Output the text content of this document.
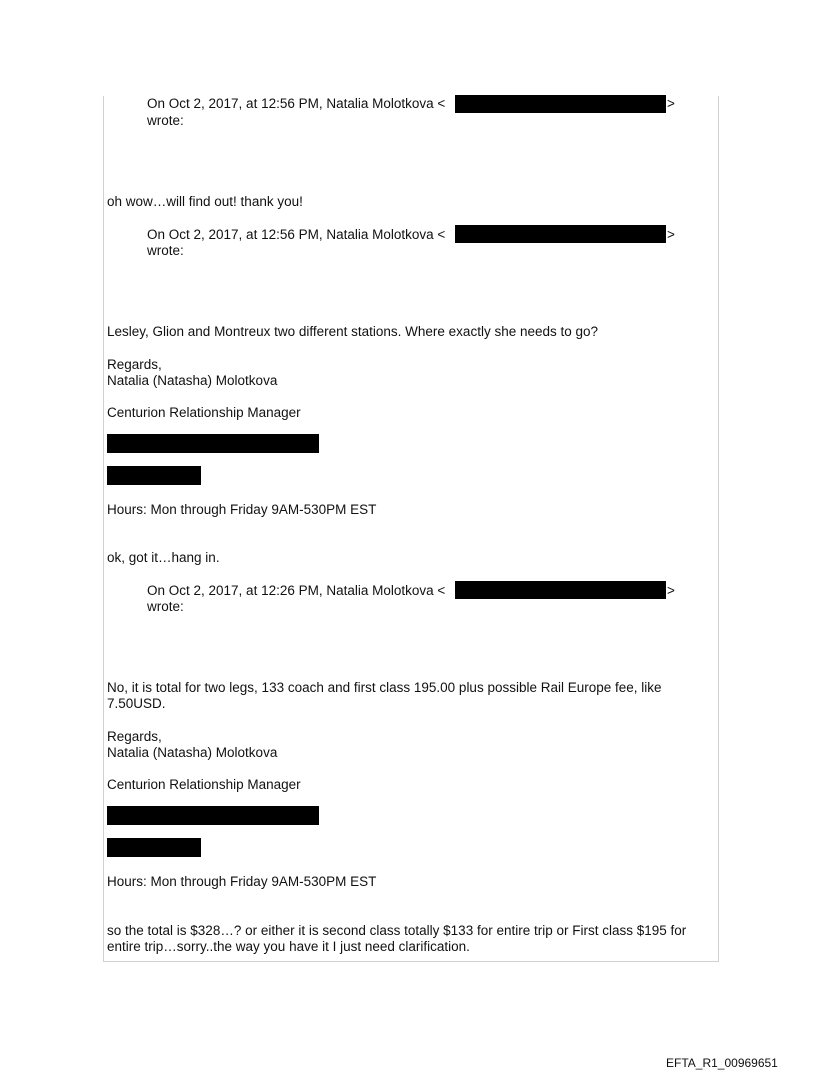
On Oct 2, 2017, at 12:56 PM, Natalia Molotkova <	>
wrote:
oh wow…will find out! thank you!
On Oct 2, 2017, at 12:56 PM, Natalia Molotkova <	>
wrote:
Lesley, Glion and Montreux two different stations. Where exactly she needs to go?
Regards,
Natalia (Natasha) Molotkova
Centurion Relationship Manager
Hours: Mon through Friday 9AM-530PM EST
ok, got it…hang in.
On Oct 2, 2017, at 12:26 PM, Natalia Molotkova <	>
wrote:
No, it is total for two legs, 133 coach and first class 195.00 plus possible Rail Europe fee, like 7.50USD.
Regards,
Natalia (Natasha) Molotkova
Centurion Relationship Manager
Hours: Mon through Friday 9AM-530PM EST
so the total is $328…? or either it is second class totally $133 for entire trip or First class $195 for entire trip…sorry..the way you have it I just need clarification.
EFTA_R1_00969651
